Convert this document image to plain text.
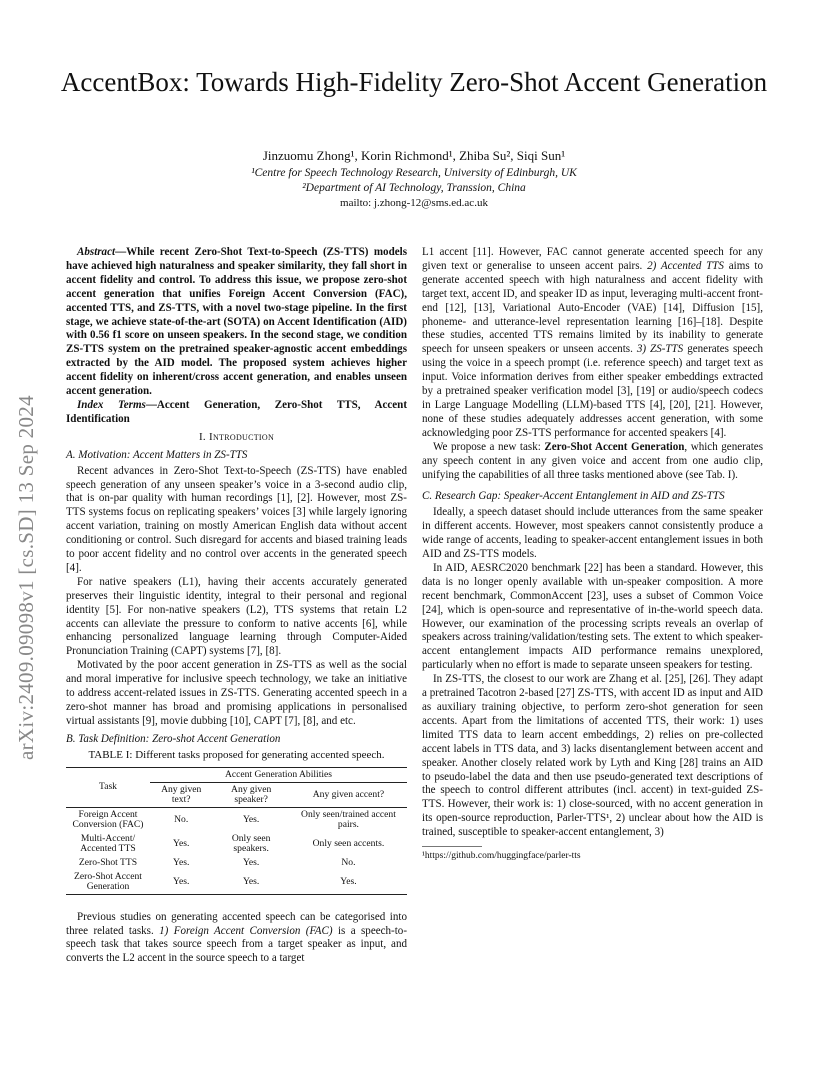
arXiv:2409.09098v1 [cs.SD] 13 Sep 2024
AccentBox: Towards High-Fidelity Zero-Shot Accent Generation
Jinzuomu Zhong¹, Korin Richmond¹, Zhiba Su², Siqi Sun¹
¹Centre for Speech Technology Research, University of Edinburgh, UK
²Department of AI Technology, Transsion, China
mailto: j.zhong-12@sms.ed.ac.uk

Abstract—While recent Zero-Shot Text-to-Speech (ZS-TTS) models have achieved high naturalness and speaker similarity, they fall short in accent fidelity and control. To address this issue, we propose zero-shot accent generation that unifies Foreign Accent Conversion (FAC), accented TTS, and ZS-TTS, with a novel two-stage pipeline. In the first stage, we achieve state-of-the-art (SOTA) on Accent Identification (AID) with 0.56 f1 score on unseen speakers. In the second stage, we condition ZS-TTS system on the pretrained speaker-agnostic accent embeddings extracted by the AID model. The proposed system achieves higher accent fidelity on inherent/cross accent generation, and enables unseen accent generation.

Index Terms—Accent Generation, Zero-Shot TTS, Accent Identification

I. Introduction
A. Motivation: Accent Matters in ZS-TTS

Recent advances in Zero-Shot Text-to-Speech (ZS-TTS) have enabled speech generation of any unseen speaker’s voice in a 3-second audio clip, that is on-par quality with human recordings [1], [2]. However, most ZS-TTS systems focus on replicating speakers’ voices [3] while largely ignoring accent variation, training on mostly American English data without accent conditioning or control. Such disregard for accents and biased training leads to poor accent fidelity and no control over accents in the generated speech [4].

For native speakers (L1), having their accents accurately generated preserves their linguistic identity, integral to their personal and regional identity [5]. For non-native speakers (L2), TTS systems that retain L2 accents can alleviate the pressure to conform to native accents [6], while enhancing personalized language learning through Computer-Aided Pronunciation Training (CAPT) systems [7], [8].

Motivated by the poor accent generation in ZS-TTS as well as the social and moral imperative for inclusive speech technology, we take an initiative to address accent-related issues in ZS-TTS. Generating accented speech in a zero-shot manner has broad and promising applications in personalised virtual assistants [9], movie dubbing [10], CAPT [7], [8], and etc.

B. Task Definition: Zero-shot Accent Generation
TABLE I: Different tasks proposed for generating accented speech.
Task	Accent Generation Abilities		
	Any given text?	Any given speaker?	Any given accent?
Foreign Accent Conversion (FAC)	No.	Yes.	Only seen/trained accent pairs.
Multi-Accent/ Accented TTS	Yes.	Only seen speakers.	Only seen accents.
Zero-Shot TTS	Yes.	Yes.	No.
Zero-Shot Accent Generation	Yes.	Yes.	Yes.

Previous studies on generating accented speech can be categorised into three related tasks. 1) Foreign Accent Conversion (FAC) is a speech-to-speech task that takes source speech from a target speaker as input, and converts the L2 accent in the source speech to a target

L1 accent [11]. However, FAC cannot generate accented speech for any given text or generalise to unseen accent pairs. 2) Accented TTS aims to generate accented speech with high naturalness and accent fidelity with target text, accent ID, and speaker ID as input, leveraging multi-accent front-end [12], [13], Variational Auto-Encoder (VAE) [14], Diffusion [15], phoneme- and utterance-level representation learning [16]–[18]. Despite these studies, accented TTS remains limited by its inability to generate speech for unseen speakers or unseen accents. 3) ZS-TTS generates speech using the voice in a speech prompt (i.e. reference speech) and target text as input. Voice information derives from either speaker embeddings extracted by a pretrained speaker verification model [3], [19] or audio/speech codecs in Large Language Modelling (LLM)-based TTS [4], [20], [21]. However, none of these studies adequately addresses accent generation, with some acknowledging poor ZS-TTS performance for accented speakers [4].

We propose a new task: Zero-Shot Accent Generation, which generates any speech content in any given voice and accent from one audio clip, unifying the capabilities of all three tasks mentioned above (see Tab. I).

C. Research Gap: Speaker-Accent Entanglement in AID and ZS-TTS

Ideally, a speech dataset should include utterances from the same speaker in different accents. However, most speakers cannot consistently produce a wide range of accents, leading to speaker-accent entanglement issues in both AID and ZS-TTS models.

In AID, AESRC2020 benchmark [22] has been a standard. However, this data is no longer openly available with un-speaker composition. A more recent benchmark, CommonAccent [23], uses a subset of Common Voice [24], which is open-source and representative of in-the-world speech data. However, our examination of the processing scripts reveals an overlap of speakers across training/validation/testing sets. The extent to which speaker-accent entanglement impacts AID performance remains unexplored, particularly when no effort is made to separate unseen speakers for testing.

In ZS-TTS, the closest to our work are Zhang et al. [25], [26]. They adapt a pretrained Tacotron 2-based [27] ZS-TTS, with accent ID as input and AID as auxiliary training objective, to perform zero-shot generation for seen accents. Apart from the limitations of accented TTS, their work: 1) uses limited TTS data to learn accent embeddings, 2) relies on pre-collected accent labels in TTS data, and 3) lacks disentanglement between accent and speaker. Another closely related work by Lyth and King [28] trains an AID to pseudo-label the data and then use pseudo-generated text descriptions of the speech to control different attributes (incl. accent) in text-guided ZS-TTS. However, their work is: 1) close-sourced, with no accent generation in its open-source reproduction, Parler-TTS¹, 2) unclear about how the AID is trained, susceptible to speaker-accent entanglement, 3)

¹https://github.com/huggingface/parler-tts
